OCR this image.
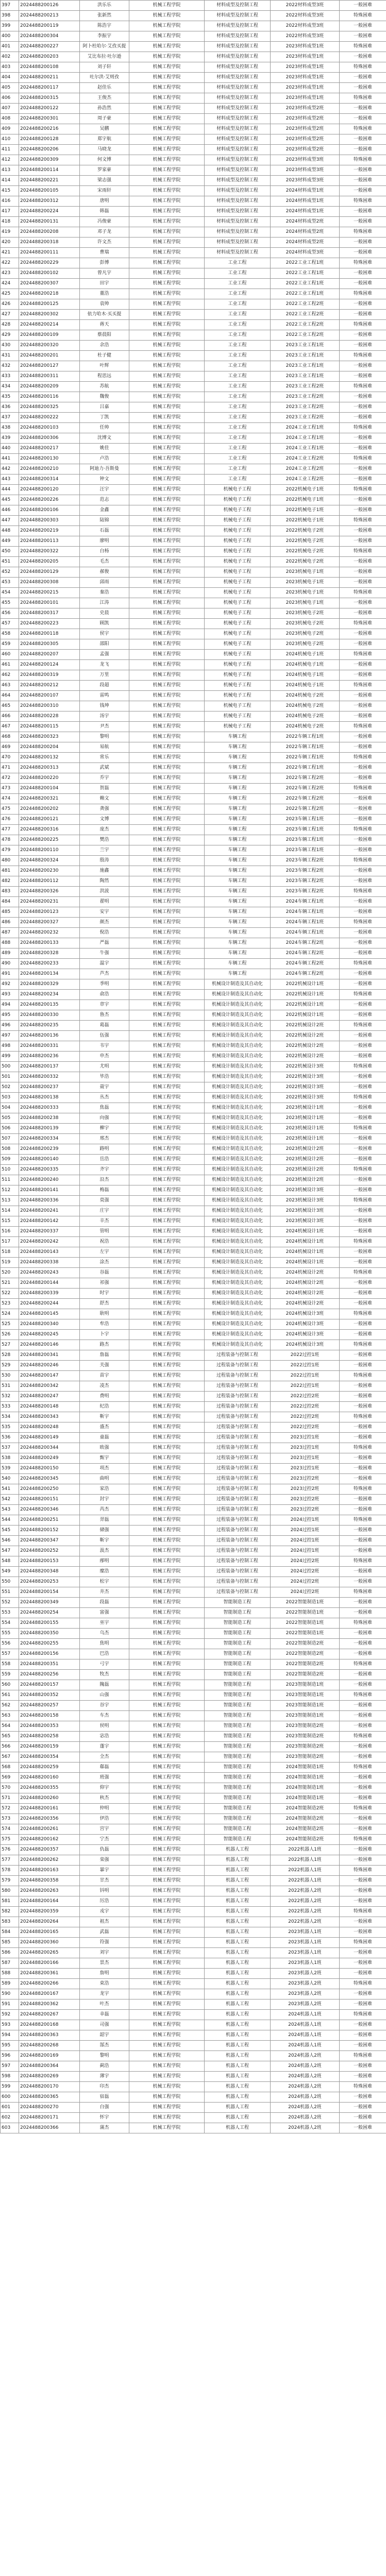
397	2024488200126	洪乐乐	机械工程学院	材料成型及控制工程	2022材料成型3班	一般困难
398	2024488200213	张新然	机械工程学院	材料成型及控制工程	2022材料成型3班	特殊困难
399	2024488200119	陈浩宇	机械工程学院	材料成型及控制工程	2022材料成型3班	一般困难
400	2024488200304	李振宇	机械工程学院	材料成型及控制工程	2022材料成型3班	一般困难
401	2024488200227	阿卜杜哈尔·艾孜买提	机械工程学院	材料成型及控制工程	2023材料成型1班	特殊困难
402	2024488200203	艾比布拉·吐尔逊	机械工程学院	材料成型及控制工程	2023材料成型1班	一般困难
403	2024488200108	刘子轩	机械工程学院	材料成型及控制工程	2023材料成型1班	特殊困难
404	2024488200211	吐尔洪·艾则孜	机械工程学院	材料成型及控制工程	2023材料成型1班	一般困难
405	2024488200117	赵佳乐	机械工程学院	材料成型及控制工程	2023材料成型1班	一般困难
406	2024488200315	王俊杰	机械工程学院	材料成型及控制工程	2023材料成型1班	特殊困难
407	2024488200122	孙浩然	机械工程学院	材料成型及控制工程	2023材料成型2班	一般困难
408	2024488200301	周子豪	机械工程学院	材料成型及控制工程	2023材料成型2班	一般困难
409	2024488200216	吴鹏	机械工程学院	材料成型及控制工程	2023材料成型2班	特殊困难
410	2024488200128	郑宇航	机械工程学院	材料成型及控制工程	2023材料成型2班	一般困难
411	2024488200206	马晓龙	机械工程学院	材料成型及控制工程	2023材料成型2班	一般困难
412	2024488200309	何文博	机械工程学院	材料成型及控制工程	2023材料成型3班	特殊困难
413	2024488200114	罗家豪	机械工程学院	材料成型及控制工程	2023材料成型3班	一般困难
414	2024488200221	梁志强	机械工程学院	材料成型及控制工程	2023材料成型3班	一般困难
415	2024488200105	宋雨轩	机械工程学院	材料成型及控制工程	2024材料成型1班	一般困难
416	2024488200312	唐明	机械工程学院	材料成型及控制工程	2024材料成型1班	特殊困难
417	2024488200224	韩磊	机械工程学院	材料成型及控制工程	2024材料成型1班	一般困难
418	2024488200131	冯俊豪	机械工程学院	材料成型及控制工程	2024材料成型2班	一般困难
419	2024488200208	邓子龙	机械工程学院	材料成型及控制工程	2024材料成型2班	特殊困难
420	2024488200318	许文杰	机械工程学院	材料成型及控制工程	2024材料成型2班	一般困难
421	2024488200111	曹瑞	机械工程学院	材料成型及控制工程	2024材料成型3班	一般困难
422	2024488200229	彭博	机械工程学院	工业工程	2022工业工程1班	特殊困难
423	2024488200102	曾凡宇	机械工程学院	工业工程	2022工业工程1班	一般困难
424	2024488200307	田宇	机械工程学院	工业工程	2022工业工程1班	一般困难
425	2024488200218	董浩	机械工程学院	工业工程	2022工业工程1班	特殊困难
426	2024488200125	袁帅	机械工程学院	工业工程	2022工业工程2班	一般困难
427	2024488200302	依力哈木·买买提	机械工程学院	工业工程	2022工业工程2班	一般困难
428	2024488200214	蒋天	机械工程学院	工业工程	2022工业工程2班	特殊困难
429	2024488200109	蔡晨阳	机械工程学院	工业工程	2022工业工程2班	一般困难
430	2024488200320	余浩	机械工程学院	工业工程	2023工业工程1班	一般困难
431	2024488200201	杜子健	机械工程学院	工业工程	2023工业工程1班	特殊困难
432	2024488200127	叶辉	机械工程学院	工业工程	2023工业工程1班	一般困难
433	2024488200311	程思远	机械工程学院	工业工程	2023工业工程1班	一般困难
434	2024488200209	苏航	机械工程学院	工业工程	2023工业工程2班	特殊困难
435	2024488200116	魏俊	机械工程学院	工业工程	2023工业工程2班	一般困难
436	2024488200325	吕嘉	机械工程学院	工业工程	2023工业工程2班	一般困难
437	2024488200222	丁凯	机械工程学院	工业工程	2023工业工程2班	一般困难
438	2024488200103	任帅	机械工程学院	工业工程	2024工业工程1班	特殊困难
439	2024488200306	沈博文	机械工程学院	工业工程	2024工业工程1班	一般困难
440	2024488200217	姚佳	机械工程学院	工业工程	2024工业工程1班	一般困难
441	2024488200130	卢浩	机械工程学院	工业工程	2024工业工程2班	特殊困难
442	2024488200210	阿迪力·吾斯曼	机械工程学院	工业工程	2024工业工程2班	一般困难
443	2024488200314	钟文	机械工程学院	工业工程	2024工业工程2班	一般困难
444	2024488200120	汪宇	机械工程学院	机械电子工程	2022机械电子1班	特殊困难
445	2024488200226	范志	机械工程学院	机械电子工程	2022机械电子1班	一般困难
446	2024488200106	金鑫	机械工程学院	机械电子工程	2022机械电子1班	一般困难
447	2024488200303	陆锦	机械工程学院	机械电子工程	2022机械电子1班	特殊困难
448	2024488200219	石磊	机械工程学院	机械电子工程	2022机械电子2班	一般困难
449	2024488200113	廖明	机械工程学院	机械电子工程	2022机械电子2班	一般困难
450	2024488200322	白杨	机械工程学院	机械电子工程	2022机械电子2班	特殊困难
451	2024488200205	毛杰	机械工程学院	机械电子工程	2022机械电子2班	一般困难
452	2024488200129	郝俊	机械工程学院	机械电子工程	2023机械电子1班	一般困难
453	2024488200308	邱雨	机械工程学院	机械电子工程	2023机械电子1班	一般困难
454	2024488200215	秦浩	机械工程学院	机械电子工程	2023机械电子1班	特殊困难
455	2024488200101	江涛	机械工程学院	机械电子工程	2023机械电子1班	一般困难
456	2024488200317	史晨	机械工程学院	机械电子工程	2023机械电子2班	一般困难
457	2024488200223	顾凯	机械工程学院	机械电子工程	2023机械电子2班	特殊困难
458	2024488200118	侯宇	机械工程学院	机械电子工程	2023机械电子2班	一般困难
459	2024488200305	邵阳	机械工程学院	机械电子工程	2023机械电子2班	一般困难
460	2024488200207	孟强	机械工程学院	机械电子工程	2024机械电子1班	特殊困难
461	2024488200124	龙飞	机械工程学院	机械电子工程	2024机械电子1班	一般困难
462	2024488200319	万里	机械工程学院	机械电子工程	2024机械电子1班	一般困难
463	2024488200212	段超	机械工程学院	机械电子工程	2024机械电子1班	特殊困难
464	2024488200107	雷鸣	机械工程学院	机械电子工程	2024机械电子2班	一般困难
465	2024488200310	钱坤	机械工程学院	机械电子工程	2024机械电子2班	一般困难
466	2024488200228	汤宇	机械工程学院	机械电子工程	2024机械电子2班	一般困难
467	2024488200115	尹杰	机械工程学院	机械电子工程	2024机械电子2班	特殊困难
468	2024488200323	黎明	机械工程学院	车辆工程	2022车辆工程1班	一般困难
469	2024488200204	易航	机械工程学院	车辆工程	2022车辆工程1班	一般困难
470	2024488200132	常乐	机械工程学院	车辆工程	2022车辆工程1班	特殊困难
471	2024488200313	武斌	机械工程学院	车辆工程	2022车辆工程1班	一般困难
472	2024488200220	乔宇	机械工程学院	车辆工程	2022车辆工程2班	一般困难
473	2024488200104	贺磊	机械工程学院	车辆工程	2022车辆工程2班	特殊困难
474	2024488200321	赖文	机械工程学院	车辆工程	2022车辆工程2班	一般困难
475	2024488200202	龚强	机械工程学院	车辆工程	2022车辆工程2班	一般困难
476	2024488200121	文博	机械工程学院	车辆工程	2023车辆工程1班	一般困难
477	2024488200316	庞杰	机械工程学院	车辆工程	2023车辆工程1班	特殊困难
478	2024488200225	樊浩	机械工程学院	车辆工程	2023车辆工程1班	一般困难
479	2024488200110	兰宇	机械工程学院	车辆工程	2023车辆工程1班	一般困难
480	2024488200324	殷涛	机械工程学院	车辆工程	2023车辆工程2班	特殊困难
481	2024488200230	施鑫	机械工程学院	车辆工程	2023车辆工程2班	一般困难
482	2024488200112	陶然	机械工程学院	车辆工程	2023车辆工程2班	一般困难
483	2024488200326	洪波	机械工程学院	车辆工程	2023车辆工程2班	特殊困难
484	2024488200231	翟明	机械工程学院	车辆工程	2024车辆工程1班	一般困难
485	2024488200123	安宇	机械工程学院	车辆工程	2024车辆工程1班	一般困难
486	2024488200327	颜杰	机械工程学院	车辆工程	2024车辆工程1班	特殊困难
487	2024488200232	倪浩	机械工程学院	车辆工程	2024车辆工程1班	一般困难
488	2024488200133	严磊	机械工程学院	车辆工程	2024车辆工程2班	一般困难
489	2024488200328	牛强	机械工程学院	车辆工程	2024车辆工程2班	一般困难
490	2024488200233	温宇	机械工程学院	车辆工程	2024车辆工程2班	特殊困难
491	2024488200134	芦杰	机械工程学院	车辆工程	2024车辆工程2班	一般困难
492	2024488200329	季明	机械工程学院	机械设计制造及其自动化	2022机械设计1班	一般困难
493	2024488200234	俞浩	机械工程学院	机械设计制造及其自动化	2022机械设计1班	特殊困难
494	2024488200135	章宇	机械工程学院	机械设计制造及其自动化	2022机械设计1班	一般困难
495	2024488200330	鲁杰	机械工程学院	机械设计制造及其自动化	2022机械设计1班	一般困难
496	2024488200235	葛磊	机械工程学院	机械设计制造及其自动化	2022机械设计2班	特殊困难
497	2024488200136	伍强	机械工程学院	机械设计制造及其自动化	2022机械设计2班	一般困难
498	2024488200331	韦宇	机械工程学院	机械设计制造及其自动化	2022机械设计2班	一般困难
499	2024488200236	申杰	机械工程学院	机械设计制造及其自动化	2022机械设计2班	一般困难
500	2024488200137	尤明	机械工程学院	机械设计制造及其自动化	2022机械设计3班	特殊困难
501	2024488200332	毕浩	机械工程学院	机械设计制造及其自动化	2022机械设计3班	一般困难
502	2024488200237	聂宇	机械工程学院	机械设计制造及其自动化	2022机械设计3班	一般困难
503	2024488200138	丛杰	机械工程学院	机械设计制造及其自动化	2022机械设计3班	特殊困难
504	2024488200333	焦磊	机械工程学院	机械设计制造及其自动化	2023机械设计1班	一般困难
505	2024488200238	向强	机械工程学院	机械设计制造及其自动化	2023机械设计1班	一般困难
506	2024488200139	柳宇	机械工程学院	机械设计制造及其自动化	2023机械设计1班	特殊困难
507	2024488200334	邢杰	机械工程学院	机械设计制造及其自动化	2023机械设计1班	一般困难
508	2024488200239	路明	机械工程学院	机械设计制造及其自动化	2023机械设计2班	一般困难
509	2024488200140	岳浩	机械工程学院	机械设计制造及其自动化	2023机械设计2班	一般困难
510	2024488200335	齐宇	机械工程学院	机械设计制造及其自动化	2023机械设计2班	特殊困难
511	2024488200240	沿杰	机械工程学院	机械设计制造及其自动化	2023机械设计2班	一般困难
512	2024488200141	梅磊	机械工程学院	机械设计制造及其自动化	2023机械设计3班	一般困难
513	2024488200336	莫强	机械工程学院	机械设计制造及其自动化	2023机械设计3班	特殊困难
514	2024488200241	庄宇	机械工程学院	机械设计制造及其自动化	2023机械设计3班	一般困难
515	2024488200142	辛杰	机械工程学院	机械设计制造及其自动化	2023机械设计3班	一般困难
516	2024488200337	管明	机械工程学院	机械设计制造及其自动化	2024机械设计1班	一般困难
517	2024488200242	祝浩	机械工程学院	机械设计制造及其自动化	2024机械设计1班	特殊困难
518	2024488200143	左宇	机械工程学院	机械设计制造及其自动化	2024机械设计1班	一般困难
519	2024488200338	涂杰	机械工程学院	机械设计制造及其自动化	2024机械设计1班	一般困难
520	2024488200243	谷磊	机械工程学院	机械设计制造及其自动化	2024机械设计2班	特殊困难
521	2024488200144	祁强	机械工程学院	机械设计制造及其自动化	2024机械设计2班	一般困难
522	2024488200339	时宇	机械工程学院	机械设计制造及其自动化	2024机械设计2班	一般困难
523	2024488200244	舒杰	机械工程学院	机械设计制造及其自动化	2024机械设计2班	一般困难
524	2024488200145	耿明	机械工程学院	机械设计制造及其自动化	2024机械设计3班	特殊困难
525	2024488200340	牟浩	机械工程学院	机械设计制造及其自动化	2024机械设计3班	一般困难
526	2024488200245	卜宇	机械工程学院	机械设计制造及其自动化	2024机械设计3班	一般困难
527	2024488200146	路杰	机械工程学院	机械设计制造及其自动化	2024机械设计3班	特殊困难
528	2024488200341	詹磊	机械工程学院	过程装备与控制工程	2022过控1班	一般困难
529	2024488200246	关强	机械工程学院	过程装备与控制工程	2022过控1班	一般困难
530	2024488200147	苗宇	机械工程学院	过程装备与控制工程	2022过控1班	特殊困难
531	2024488200342	凌杰	机械工程学院	过程装备与控制工程	2022过控1班	一般困难
532	2024488200247	费明	机械工程学院	过程装备与控制工程	2022过控2班	一般困难
533	2024488200148	纪浩	机械工程学院	过程装备与控制工程	2022过控2班	一般困难
534	2024488200343	靳宇	机械工程学院	过程装备与控制工程	2022过控2班	特殊困难
535	2024488200248	盛杰	机械工程学院	过程装备与控制工程	2022过控2班	一般困难
536	2024488200149	童磊	机械工程学院	过程装备与控制工程	2023过控1班	一般困难
537	2024488200344	欧强	机械工程学院	过程装备与控制工程	2023过控1班	特殊困难
538	2024488200249	甄宇	机械工程学院	过程装备与控制工程	2023过控1班	一般困难
539	2024488200150	项杰	机械工程学院	过程装备与控制工程	2023过控1班	一般困难
540	2024488200345	曲明	机械工程学院	过程装备与控制工程	2023过控2班	一般困难
541	2024488200250	家浩	机械工程学院	过程装备与控制工程	2023过控2班	特殊困难
542	2024488200151	封宇	机械工程学院	过程装备与控制工程	2023过控2班	一般困难
543	2024488200346	芮杰	机械工程学院	过程装备与控制工程	2023过控2班	一般困难
544	2024488200251	羿磊	机械工程学院	过程装备与控制工程	2024过控1班	特殊困难
545	2024488200152	储强	机械工程学院	过程装备与控制工程	2024过控1班	一般困难
546	2024488200347	靳宇	机械工程学院	过程装备与控制工程	2024过控1班	一般困难
547	2024488200252	汲杰	机械工程学院	过程装备与控制工程	2024过控1班	一般困难
548	2024488200153	邴明	机械工程学院	过程装备与控制工程	2024过控2班	特殊困难
549	2024488200348	糜浩	机械工程学院	过程装备与控制工程	2024过控2班	一般困难
550	2024488200253	松宇	机械工程学院	过程装备与控制工程	2024过控2班	一般困难
551	2024488200154	井杰	机械工程学院	过程装备与控制工程	2024过控2班	特殊困难
552	2024488200349	段磊	机械工程学院	智能制造工程	2022智能制造1班	一般困难
553	2024488200254	富强	机械工程学院	智能制造工程	2022智能制造1班	一般困难
554	2024488200155	巫宇	机械工程学院	智能制造工程	2022智能制造1班	特殊困难
555	2024488200350	乌杰	机械工程学院	智能制造工程	2022智能制造1班	一般困难
556	2024488200255	焦明	机械工程学院	智能制造工程	2022智能制造2班	一般困难
557	2024488200156	巴浩	机械工程学院	智能制造工程	2022智能制造2班	一般困难
558	2024488200351	弓宇	机械工程学院	智能制造工程	2022智能制造2班	特殊困难
559	2024488200256	牧杰	机械工程学院	智能制造工程	2022智能制造2班	一般困难
560	2024488200157	隗磊	机械工程学院	智能制造工程	2023智能制造1班	一般困难
561	2024488200352	山强	机械工程学院	智能制造工程	2023智能制造1班	特殊困难
562	2024488200257	谷宇	机械工程学院	智能制造工程	2023智能制造1班	一般困难
563	2024488200158	车杰	机械工程学院	智能制造工程	2023智能制造1班	一般困难
564	2024488200353	侯明	机械工程学院	智能制造工程	2023智能制造2班	一般困难
565	2024488200258	宓浩	机械工程学院	智能制造工程	2023智能制造2班	特殊困难
566	2024488200159	蓬宇	机械工程学院	智能制造工程	2023智能制造2班	一般困难
567	2024488200354	全杰	机械工程学院	智能制造工程	2023智能制造2班	一般困难
568	2024488200259	郗磊	机械工程学院	智能制造工程	2024智能制造1班	特殊困难
569	2024488200160	班强	机械工程学院	智能制造工程	2024智能制造1班	一般困难
570	2024488200355	仰宇	机械工程学院	智能制造工程	2024智能制造1班	一般困难
571	2024488200260	秋杰	机械工程学院	智能制造工程	2024智能制造1班	一般困难
572	2024488200161	仲明	机械工程学院	智能制造工程	2024智能制造2班	特殊困难
573	2024488200356	伊浩	机械工程学院	智能制造工程	2024智能制造2班	一般困难
574	2024488200261	宫宇	机械工程学院	智能制造工程	2024智能制造2班	一般困难
575	2024488200162	宁杰	机械工程学院	智能制造工程	2024智能制造2班	特殊困难
576	2024488200357	仇磊	机械工程学院	机器人工程	2022机器人1班	一般困难
577	2024488200262	栾强	机械工程学院	机器人工程	2022机器人1班	一般困难
578	2024488200163	暴宇	机械工程学院	机器人工程	2022机器人1班	特殊困难
579	2024488200358	甘杰	机械工程学院	机器人工程	2022机器人1班	一般困难
580	2024488200263	钭明	机械工程学院	机器人工程	2022机器人2班	一般困难
581	2024488200164	厉浩	机械工程学院	机器人工程	2022机器人2班	一般困难
582	2024488200359	戎宇	机械工程学院	机器人工程	2022机器人2班	特殊困难
583	2024488200264	祖杰	机械工程学院	机器人工程	2022机器人2班	一般困难
584	2024488200165	武磊	机械工程学院	机器人工程	2023机器人1班	一般困难
585	2024488200360	符强	机械工程学院	机器人工程	2023机器人1班	特殊困难
586	2024488200265	刘宇	机械工程学院	机器人工程	2023机器人1班	一般困难
587	2024488200166	景杰	机械工程学院	机器人工程	2023机器人1班	一般困难
588	2024488200361	詹明	机械工程学院	机器人工程	2023机器人2班	一般困难
589	2024488200266	束浩	机械工程学院	机器人工程	2023机器人2班	特殊困难
590	2024488200167	龙宇	机械工程学院	机器人工程	2023机器人2班	一般困难
591	2024488200362	叶杰	机械工程学院	机器人工程	2023机器人2班	一般困难
592	2024488200267	幸磊	机械工程学院	机器人工程	2024机器人1班	特殊困难
593	2024488200168	司强	机械工程学院	机器人工程	2024机器人1班	一般困难
594	2024488200363	韶宇	机械工程学院	机器人工程	2024机器人1班	一般困难
595	2024488200268	郜杰	机械工程学院	机器人工程	2024机器人1班	一般困难
596	2024488200169	黎明	机械工程学院	机器人工程	2024机器人2班	特殊困难
597	2024488200364	蓟浩	机械工程学院	机器人工程	2024机器人2班	一般困难
598	2024488200269	薄宇	机械工程学院	机器人工程	2024机器人2班	一般困难
599	2024488200170	印杰	机械工程学院	机器人工程	2024机器人2班	特殊困难
600	2024488200365	宿磊	机械工程学院	机器人工程	2024机器人2班	一般困难
601	2024488200270	白强	机械工程学院	机器人工程	2024机器人2班	一般困难
602	2024488200171	怀宇	机械工程学院	机器人工程	2024机器人2班	一般困难
603	2024488200366	蒲杰	机械工程学院	机器人工程	2024机器人2班	一般困难
